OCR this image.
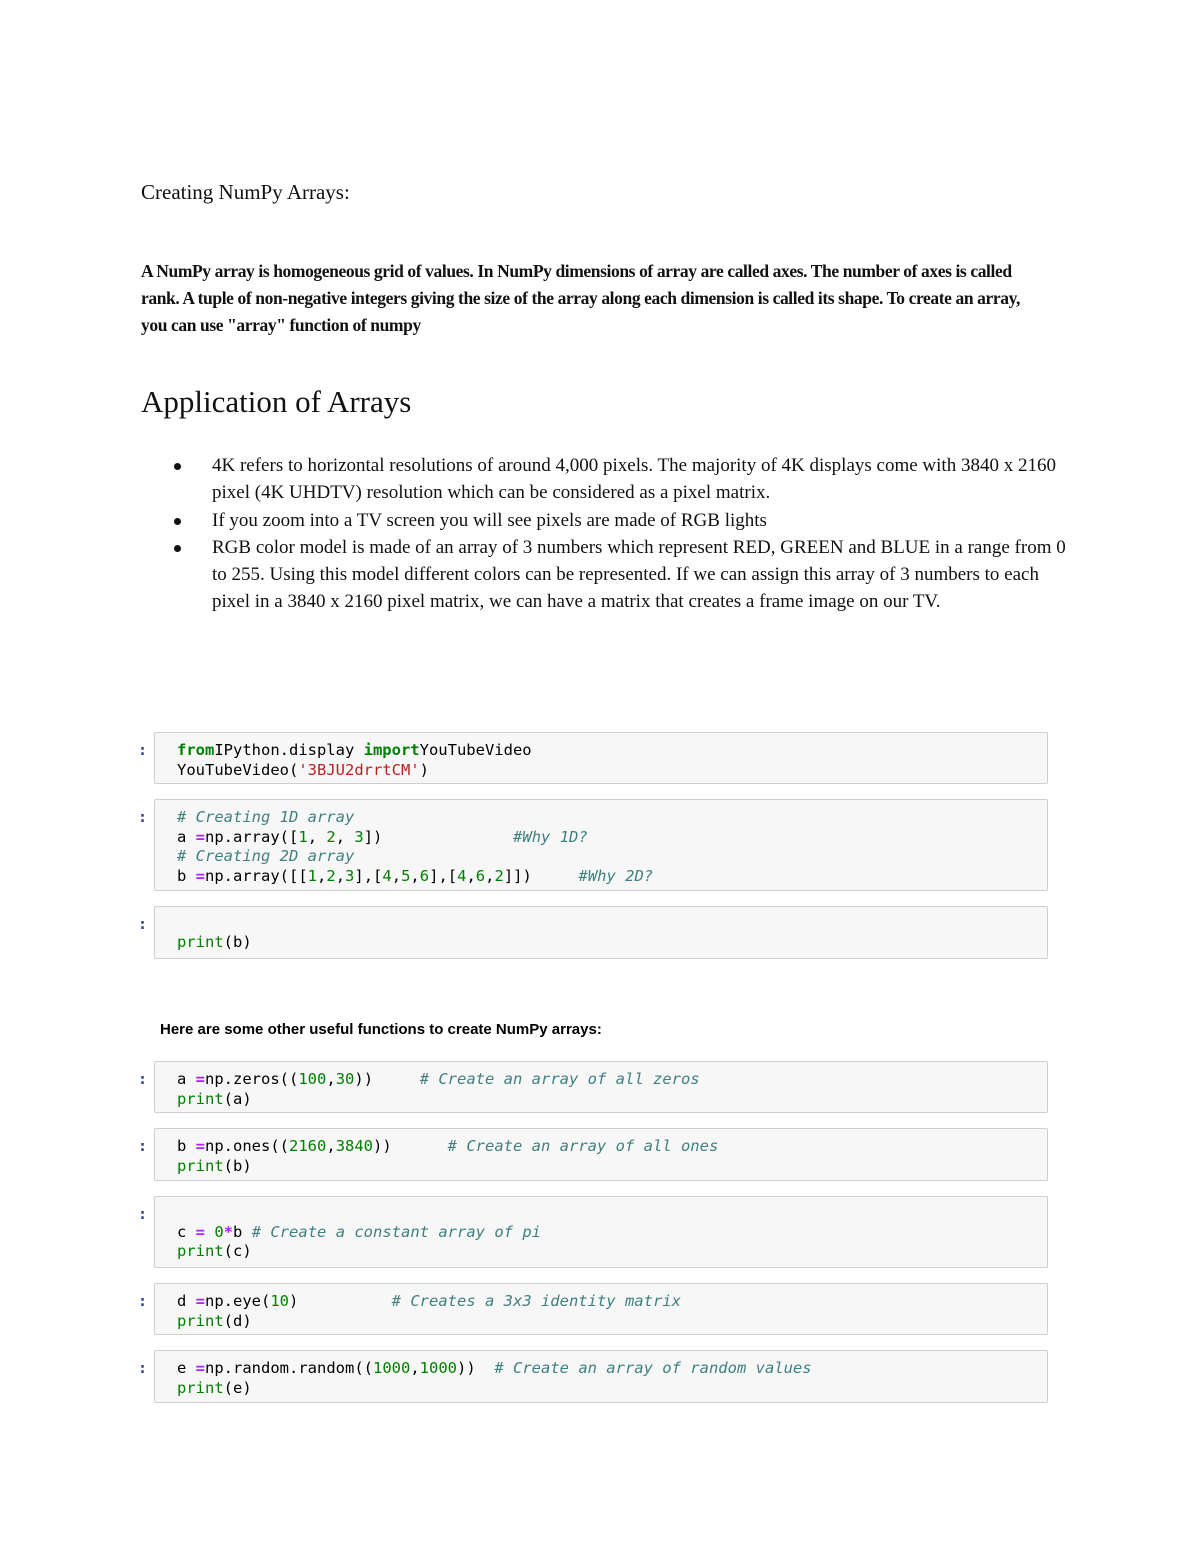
Creating NumPy Arrays:

A NumPy array is homogeneous grid of values. In NumPy dimensions of array are called axes. The number of axes is called rank. A tuple of non-negative integers giving the size of the array along each dimension is called its shape. To create an array, you can use "array" function of numpy

Application of Arrays
4K refers to horizontal resolutions of around 4,000 pixels. The majority of 4K displays come with 3840 x 2160 pixel (4K UHDTV) resolution which can be considered as a pixel matrix.
If you zoom into a TV screen you will see pixels are made of RGB lights
RGB color model is made of an array of 3 numbers which represent RED, GREEN and BLUE in a range from 0 to 255. Using this model different colors can be represented. If we can assign this array of 3 numbers to each pixel in a 3840 x 2160 pixel matrix, we can have a matrix that creates a frame image on our TV.
: fromIPython.display importYouTubeVideo
YouTubeVideo('3BJU2drrtCM')
: # Creating 1D array
a =np.array([1, 2, 3])              #Why 1D?
# Creating 2D array
b =np.array([[1,2,3],[4,5,6],[4,6,2]])     #Why 2D?
:

print(b)

Here are some other useful functions to create NumPy arrays:

: a =np.zeros((100,30))     # Create an array of all zeros
print(a)
: b =np.ones((2160,3840))      # Create an array of all ones
print(b)
:

c = 0*b # Create a constant array of pi
print(c)
: d =np.eye(10)          # Creates a 3x3 identity matrix
print(d)
: e =np.random.random((1000,1000))  # Create an array of random values
print(e)
